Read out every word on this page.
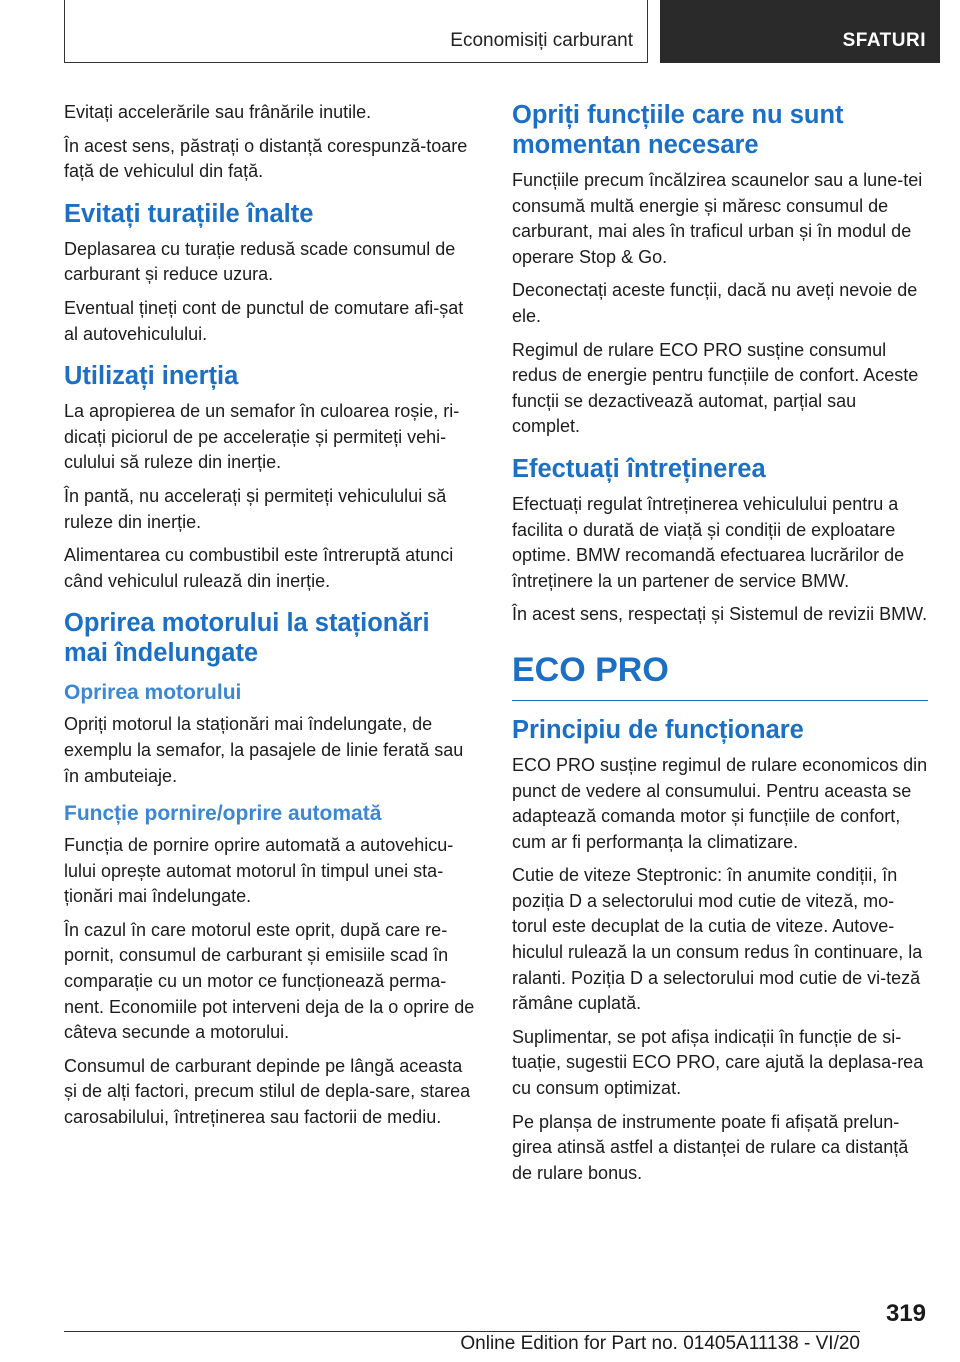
Economisiți carburant	SFATURI

Evitați accelerările sau frânările inutile.

În acest sens, păstrați o distanță corespunză-toare față de vehiculul din față.

Evitați turațiile înalte

Deplasarea cu turație redusă scade consumul de carburant și reduce uzura.

Eventual țineți cont de punctul de comutare afi-șat al autovehiculului.

Utilizați inerția

La apropierea de un semafor în culoarea roșie, ri-dicați piciorul de pe accelerație și permiteți vehi-culului să ruleze din inerție.

În pantă, nu accelerați și permiteți vehiculului să ruleze din inerție.

Alimentarea cu combustibil este întreruptă atunci când vehiculul rulează din inerție.

Oprirea motorului la staționări mai îndelungate
Oprirea motorului

Opriți motorul la staționări mai îndelungate, de exemplu la semafor, la pasajele de linie ferată sau în ambuteiaje.

Funcție pornire/oprire automată

Funcția de pornire oprire automată a autovehicu-lului oprește automat motorul în timpul unei sta-ționări mai îndelungate.

În cazul în care motorul este oprit, după care re-pornit, consumul de carburant și emisiile scad în comparație cu un motor ce funcționează perma-nent. Economiile pot interveni deja de la o oprire de câteva secunde a motorului.

Consumul de carburant depinde pe lângă aceasta și de alți factori, precum stilul de depla-sare, starea carosabilului, întreținerea sau factorii de mediu.

Opriți funcțiile care nu sunt momentan necesare

Funcțiile precum încălzirea scaunelor sau a lune-tei consumă multă energie și măresc consumul de carburant, mai ales în traficul urban și în modul de operare Stop & Go.

Deconectați aceste funcții, dacă nu aveți nevoie de ele.

Regimul de rulare ECO PRO susține consumul redus de energie pentru funcțiile de confort. Aceste funcții se dezactivează automat, parțial sau complet.

Efectuați întreținerea

Efectuați regulat întreținerea vehiculului pentru a facilita o durată de viață și condiții de exploatare optime. BMW recomandă efectuarea lucrărilor de întreținere la un partener de service BMW.

În acest sens, respectați și Sistemul de revizii BMW.

ECO PRO
Principiu de funcționare

ECO PRO susține regimul de rulare economicos din punct de vedere al consumului. Pentru aceasta se adaptează comanda motor și funcțiile de confort, cum ar fi performanța la climatizare.

Cutie de viteze Steptronic: în anumite condiții, în poziția D a selectorului mod cutie de viteză, mo-torul este decuplat de la cutia de viteze. Autove-hiculul rulează la un consum redus în continuare, la ralanti. Poziția D a selectorului mod cutie de vi-teză rămâne cuplată.

Suplimentar, se pot afișa indicații în funcție de si-tuație, sugestii ECO PRO, care ajută la deplasa-rea cu consum optimizat.

Pe planșa de instrumente poate fi afișată prelun-girea atinsă astfel a distanței de rulare ca distanță de rulare bonus.

319
Online Edition for Part no. 01405A11138 - VI/20
